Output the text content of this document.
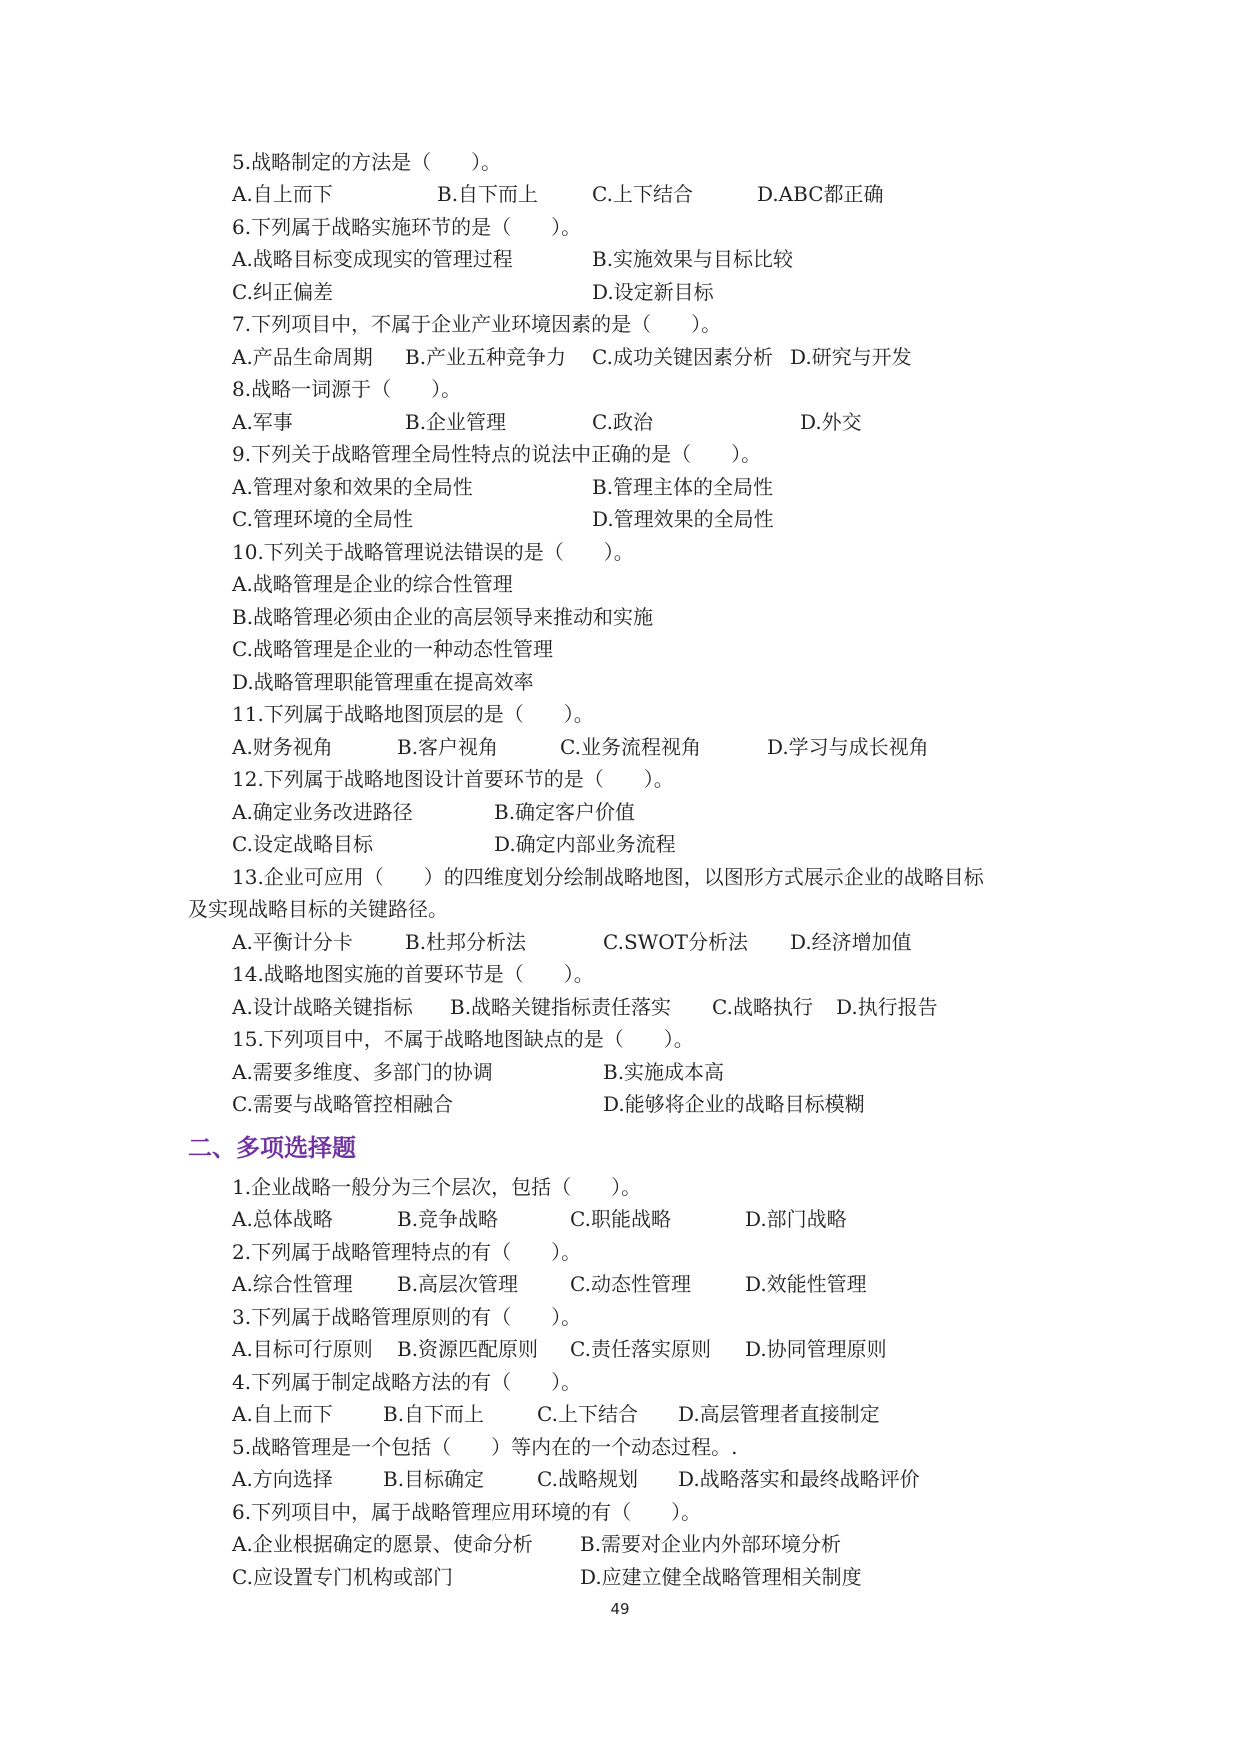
5.战略制定的方法是（　　）。
A.自上而下	B.自下而上	C.上下结合	D.ABC都正确
6.下列属于战略实施环节的是（　　）。
A.战略目标变成现实的管理过程	B.实施效果与目标比较
C.纠正偏差	D.设定新目标
7.下列项目中，不属于企业产业环境因素的是（　　）。
A.产品生命周期 B.产业五种竞争力 C.成功关键因素分析 D.研究与开发
8.战略一词源于（　　）。
A.军事	B.企业管理	C.政治	D.外交
9.下列关于战略管理全局性特点的说法中正确的是（　　）。
A.管理对象和效果的全局性	B.管理主体的全局性
C.管理环境的全局性	D.管理效果的全局性
10.下列关于战略管理说法错误的是（　　）。
A.战略管理是企业的综合性管理
B.战略管理必须由企业的高层领导来推动和实施
C.战略管理是企业的一种动态性管理
D.战略管理职能管理重在提高效率
11.下列属于战略地图顶层的是（　　）。
A.财务视角	B.客户视角	C.业务流程视角	D.学习与成长视角
12.下列属于战略地图设计首要环节的是（　　）。
A.确定业务改进路径	B.确定客户价值
C.设定战略目标	D.确定内部业务流程
13.企业可应用（　　）的四维度划分绘制战略地图，以图形方式展示企业的战略目标
及实现战略目标的关键路径。
A.平衡计分卡	B.杜邦分析法	C.SWOT分析法 D.经济增加值
14.战略地图实施的首要环节是（　　）。
A.设计战略关键指标 B.战略关键指标责任落实 C.战略执行 D.执行报告
15.下列项目中，不属于战略地图缺点的是（　　）。
A.需要多维度、多部门的协调	B.实施成本高
C.需要与战略管控相融合	D.能够将企业的战略目标模糊
二、多项选择题
1.企业战略一般分为三个层次，包括（　　）。
A.总体战略	B.竞争战略	C.职能战略	D.部门战略
2.下列属于战略管理特点的有（　　）。
A.综合性管理 B.高层次管理	C.动态性管理	D.效能性管理
3.下列属于战略管理原则的有（　　）。
A.目标可行原则 B.资源匹配原则 C.责任落实原则 D.协同管理原则
4.下列属于制定战略方法的有（　　）。
A.自上而下	B.自下而上	C.上下结合 D.高层管理者直接制定
5.战略管理是一个包括（　　）等内在的一个动态过程。.
A.方向选择	B.目标确定	C.战略规划 D.战略落实和最终战略评价
6.下列项目中，属于战略管理应用环境的有（　　）。
A.企业根据确定的愿景、使命分析 B.需要对企业内外部环境分析
C.应设置专门机构或部门	D.应建立健全战略管理相关制度
49
